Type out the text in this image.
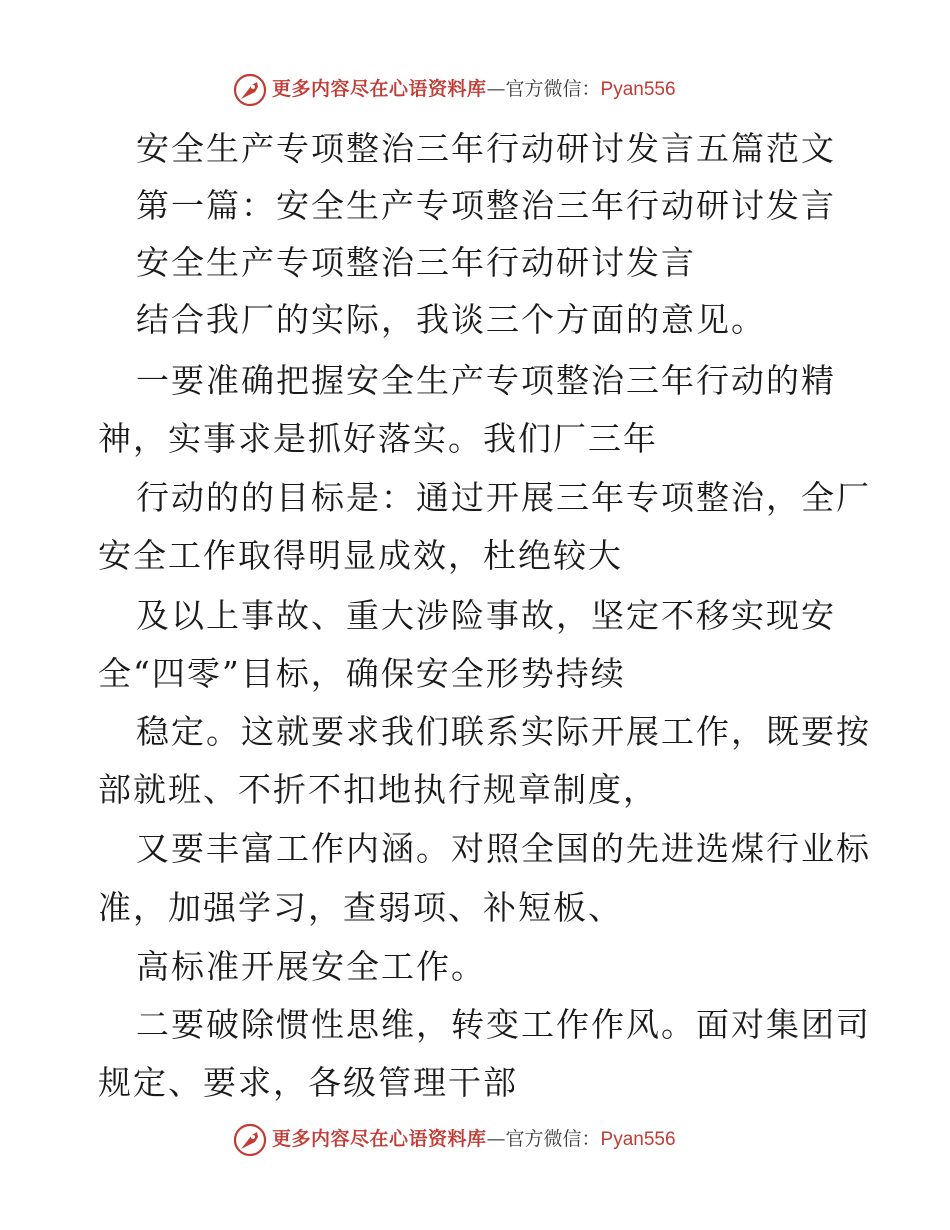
更多内容尽在心语资料库—官方微信：Pyan556
安全生产专项整治三年行动研讨发言五篇范文
第一篇：安全生产专项整治三年行动研讨发言
安全生产专项整治三年行动研讨发言
结合我厂的实际，我谈三个方面的意见。
一要准确把握安全生产专项整治三年行动的精
神，实事求是抓好落实。我们厂三年
行动的的目标是：通过开展三年专项整治，全厂
安全工作取得明显成效，杜绝较大
及以上事故、重大涉险事故，坚定不移实现安
全“四零”目标，确保安全形势持续
稳定。这就要求我们联系实际开展工作，既要按
部就班、不折不扣地执行规章制度，
又要丰富工作内涵。对照全国的先进选煤行业标
准，加强学习，查弱项、补短板、
高标准开展安全工作。
二要破除惯性思维，转变工作作风。面对集团司
规定、要求，各级管理干部
更多内容尽在心语资料库—官方微信：Pyan556
